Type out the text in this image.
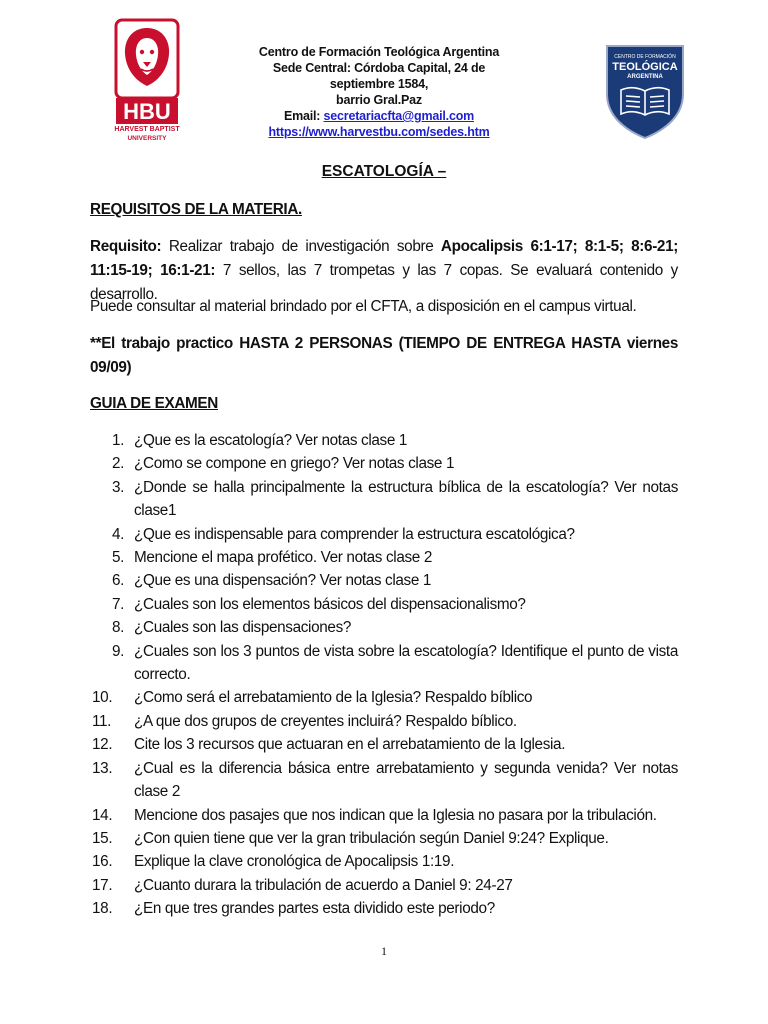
HBU
HARVEST BAPTIST
UNIVERSITY
Centro de Formación Teológica Argentina
Sede Central: Córdoba Capital, 24 de septiembre 1584,
barrio Gral.Paz
Email: secretariacfta@gmail.com
https://www.harvestbu.com/sedes.htm
CENTRO DE FORMACIÓN
TEOLÓGICA
ARGENTINA
ESCATOLOGÍA –
REQUISITOS DE LA MATERIA.
Requisito: Realizar trabajo de investigación sobre Apocalipsis 6:1-17; 8:1-5; 8:6-21; 11:15-19; 16:1-21: 7 sellos, las 7 trompetas y las 7 copas. Se evaluará contenido y desarrollo.
Puede consultar al material brindado por el CFTA, a disposición en el campus virtual.
**El trabajo practico HASTA 2 PERSONAS (TIEMPO DE ENTREGA HASTA viernes 09/09)
GUIA DE EXAMEN
1. ¿Que es la escatología? Ver notas clase 1
2. ¿Como se compone en griego? Ver notas clase 1
3. ¿Donde se halla principalmente la estructura bíblica de la escatología? Ver notas clase1
4. ¿Que es indispensable para comprender la estructura escatológica?
5. Mencione el mapa profético. Ver notas clase 2
6. ¿Que es una dispensación? Ver notas clase 1
7. ¿Cuales son los elementos básicos del dispensacionalismo?
8. ¿Cuales son las dispensaciones?
9. ¿Cuales son los 3 puntos de vista sobre la escatología? Identifique el punto de vista correcto.
10. ¿Como será el arrebatamiento de la Iglesia? Respaldo bíblico
11. ¿A que dos grupos de creyentes incluirá? Respaldo bíblico.
12. Cite los 3 recursos que actuaran en el arrebatamiento de la Iglesia.
13. ¿Cual es la diferencia básica entre arrebatamiento y segunda venida? Ver notas clase 2
14. Mencione dos pasajes que nos indican que la Iglesia no pasara por la tribulación.
15. ¿Con quien tiene que ver la gran tribulación según Daniel 9:24? Explique.
16. Explique la clave cronológica de Apocalipsis 1:19.
17. ¿Cuanto durara la tribulación de acuerdo a Daniel 9: 24-27
18. ¿En que tres grandes partes esta dividido este periodo?
1
